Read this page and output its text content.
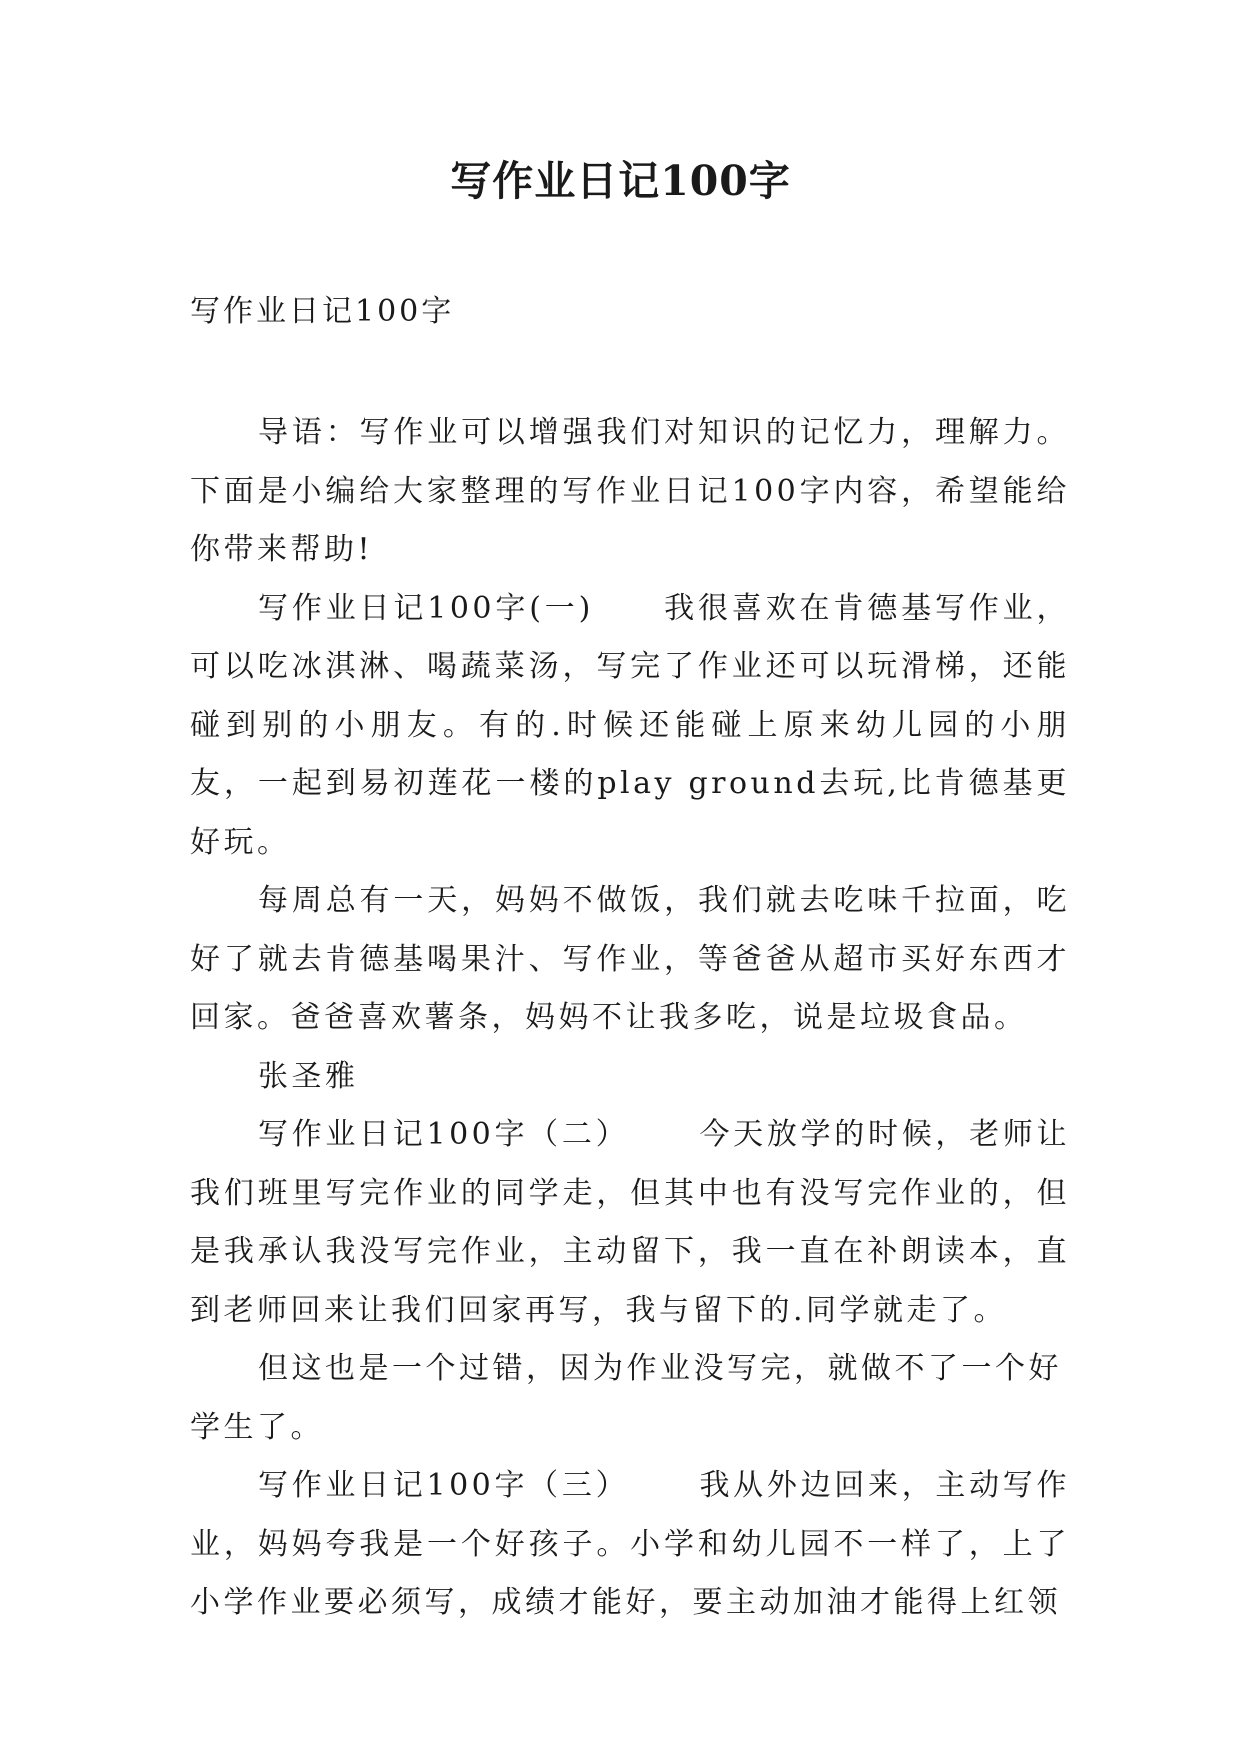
写作业日记100字
写作业日记100字

导语：写作业可以增强我们对知识的记忆力，理解力。下面是小编给大家整理的写作业日记100字内容，希望能给你带来帮助!

写作业日记100字(一) 我很喜欢在肯德基写作业，可以吃冰淇淋、喝蔬菜汤，写完了作业还可以玩滑梯，还能碰到别的小朋友。有的.时候还能碰上原来幼儿园的小朋友，一起到易初莲花一楼的play ground去玩,比肯德基更好玩。

每周总有一天，妈妈不做饭，我们就去吃味千拉面，吃好了就去肯德基喝果汁、写作业，等爸爸从超市买好东西才回家。爸爸喜欢薯条，妈妈不让我多吃，说是垃圾食品。

张圣雅

写作业日记100字（二） 今天放学的时候，老师让我们班里写完作业的同学走，但其中也有没写完作业的，但是我承认我没写完作业，主动留下，我一直在补朗读本，直到老师回来让我们回家再写，我与留下的.同学就走了。

但这也是一个过错，因为作业没写完，就做不了一个好学生了。

写作业日记100字（三） 我从外边回来，主动写作业，妈妈夸我是一个好孩子。小学和幼儿园不一样了，上了小学作业要必须写，成绩才能好，要主动加油才能得上红领
